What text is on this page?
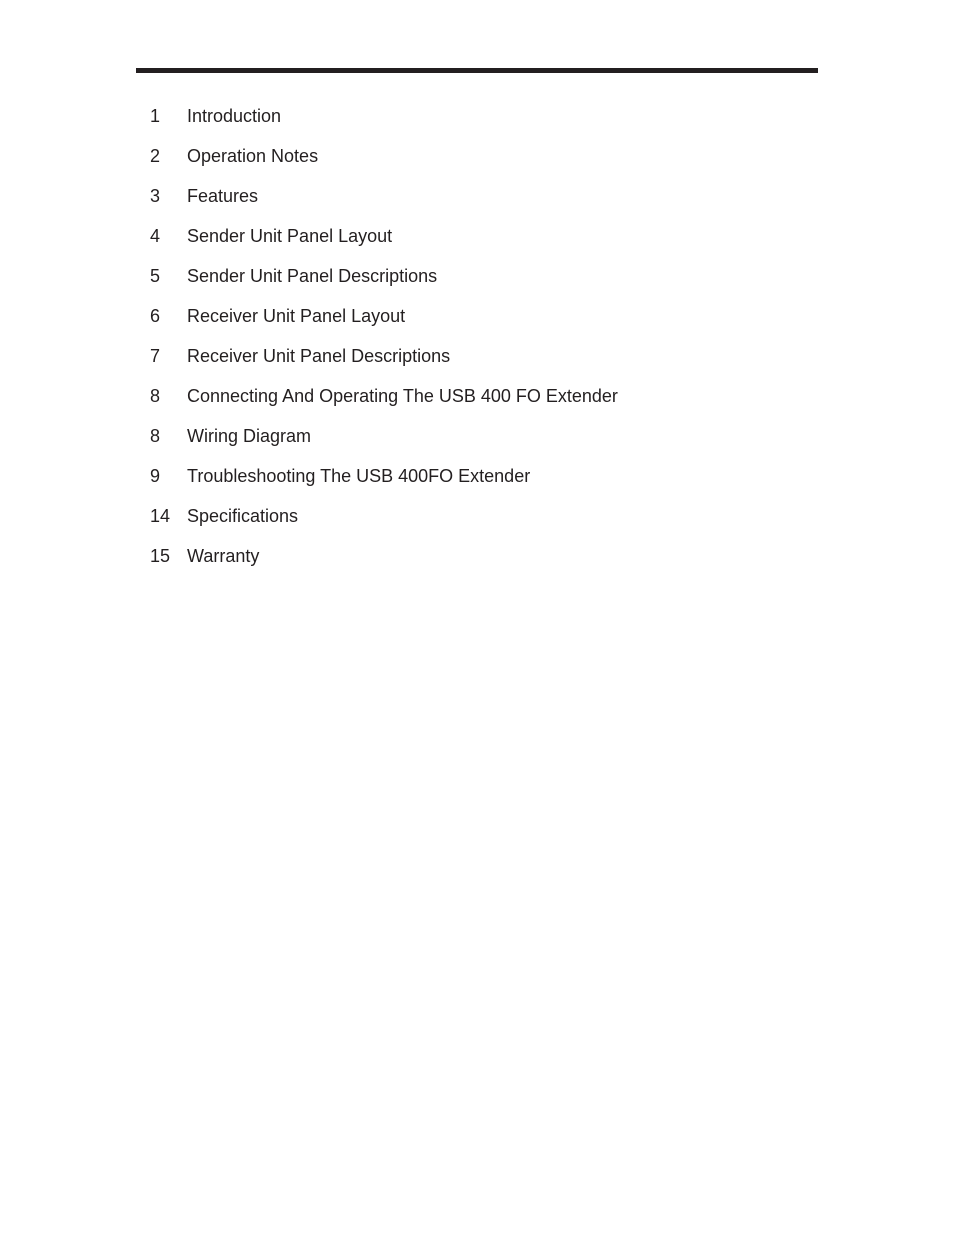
1	Introduction
2	Operation Notes
3	Features
4	Sender Unit Panel Layout
5	Sender Unit Panel Descriptions
6	Receiver Unit Panel Layout
7	Receiver Unit Panel Descriptions
8	Connecting And Operating The USB 400 FO Extender
8	Wiring Diagram
9	Troubleshooting The USB 400FO Extender
14 Specifications
15 Warranty
